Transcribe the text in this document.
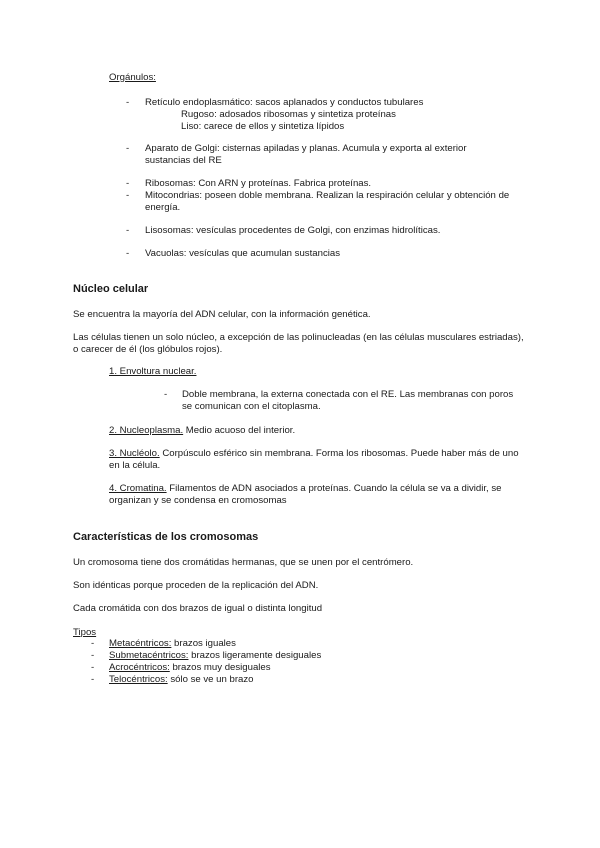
Orgánulos:
- Retículo endoplasmático: sacos aplanados y conductos tubulares
Rugoso: adosados ribosomas y sintetiza proteínas
Liso: carece de ellos y sintetiza lípidos
- Aparato de Golgi: cisternas apiladas y planas. Acumula y exporta al exterior sustancias del RE
- Ribosomas: Con ARN y proteínas. Fabrica proteínas.
- Mitocondrias: poseen doble membrana. Realizan la respiración celular y obtención de energía.
- Lisosomas: vesículas procedentes de Golgi, con enzimas hidrolíticas.
- Vacuolas: vesículas que acumulan sustancias
Núcleo celular
Se encuentra la mayoría del ADN celular, con la información genética.
Las células tienen un solo núcleo, a excepción de las polinucleadas (en las células musculares estriadas), o carecer de él (los glóbulos rojos).
1. Envoltura nuclear.
- Doble membrana, la externa conectada con el RE. Las membranas con poros se comunican con el citoplasma.
2. Nucleoplasma. Medio acuoso del interior.
3. Nucléolo. Corpúsculo esférico sin membrana. Forma los ribosomas. Puede haber más de uno en la célula.
4. Cromatina. Filamentos de ADN asociados a proteínas. Cuando la célula se va a dividir, se organizan y se condensa en cromosomas
Características de los cromosomas
Un cromosoma tiene dos cromátidas hermanas, que se unen por el centrómero.
Son idénticas porque proceden de la replicación del ADN.
Cada cromátida con dos brazos de igual o distinta longitud
Tipos
- Metacéntricos: brazos iguales
- Submetacéntricos: brazos ligeramente desiguales
- Acrocéntricos: brazos muy desiguales
- Telocéntricos: sólo se ve un brazo
